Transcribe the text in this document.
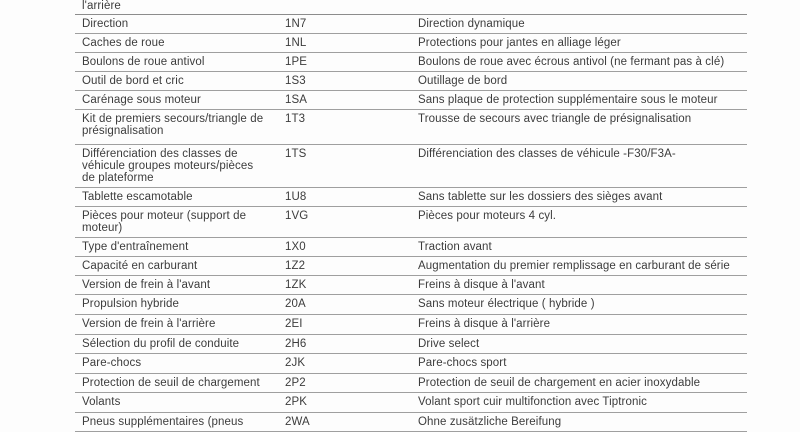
l'arrière		
Direction	1N7	Direction dynamique
Caches de roue	1NL	Protections pour jantes en alliage léger
Boulons de roue antivol	1PE	Boulons de roue avec écrous antivol (ne fermant pas à clé)
Outil de bord et cric	1S3	Outillage de bord
Carénage sous moteur	1SA	Sans plaque de protection supplémentaire sous le moteur
Kit de premiers secours/triangle de présignalisation	1T3	Trousse de secours avec triangle de présignalisation
Différenciation des classes de véhicule groupes moteurs/pièces de plateforme	1TS	Différenciation des classes de véhicule -F30/F3A-
Tablette escamotable	1U8	Sans tablette sur les dossiers des sièges avant
Pièces pour moteur (support de moteur)	1VG	Pièces pour moteurs 4 cyl.
Type d'entraînement	1X0	Traction avant
Capacité en carburant	1Z2	Augmentation du premier remplissage en carburant de série
Version de frein à l'avant	1ZK	Freins à disque à l'avant
Propulsion hybride	20A	Sans moteur électrique ( hybride )
Version de frein à l'arrière	2EI	Freins à disque à l'arrière
Sélection du profil de conduite	2H6	Drive select
Pare-chocs	2JK	Pare-chocs sport
Protection de seuil de chargement	2P2	Protection de seuil de chargement en acier inoxydable
Volants	2PK	Volant sport cuir multifonction avec Tiptronic
Pneus supplémentaires (pneus	2WA	Ohne zusätzliche Bereifung
